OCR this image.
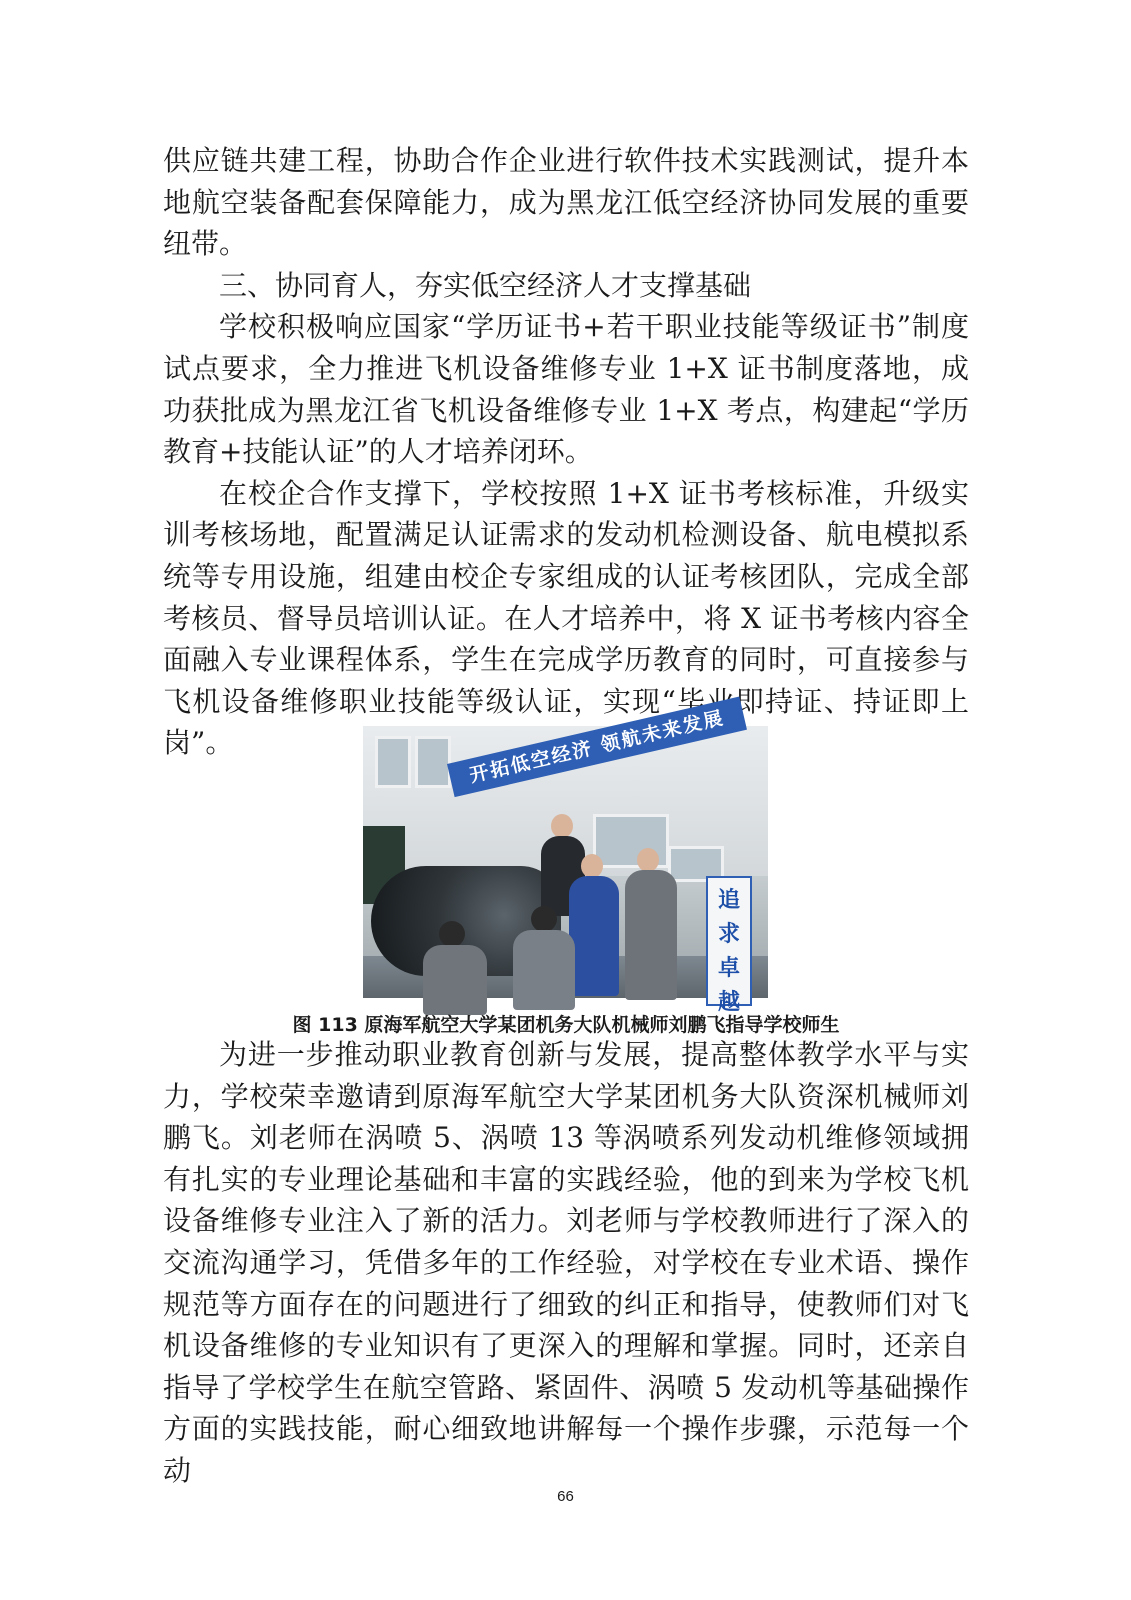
供应链共建工程，协助合作企业进行软件技术实践测试，提升本地航空装备配套保障能力，成为黑龙江低空经济协同发展的重要纽带。

三、协同育人，夯实低空经济人才支撑基础

学校积极响应国家“学历证书+若干职业技能等级证书”制度试点要求，全力推进飞机设备维修专业 1+X 证书制度落地，成功获批成为黑龙江省飞机设备维修专业 1+X 考点，构建起“学历教育+技能认证”的人才培养闭环。

在校企合作支撑下，学校按照 1+X 证书考核标准，升级实训考核场地，配置满足认证需求的发动机检测设备、航电模拟系统等专用设施，组建由校企专家组成的认证考核团队，完成全部考核员、督导员培训认证。在人才培养中，将 X 证书考核内容全面融入专业课程体系，学生在完成学历教育的同时，可直接参与飞机设备维修职业技能等级认证，实现“毕业即持证、持证即上岗”。	开拓低空经济 领航未来发展
追求卓越

图 113 原海军航空大学某团机务大队机械师刘鹏飞指导学校师生

为进一步推动职业教育创新与发展，提高整体教学水平与实力，学校荣幸邀请到原海军航空大学某团机务大队资深机械师刘鹏飞。刘老师在涡喷 5、涡喷 13 等涡喷系列发动机维修领域拥有扎实的专业理论基础和丰富的实践经验，他的到来为学校飞机设备维修专业注入了新的活力。刘老师与学校教师进行了深入的交流沟通学习，凭借多年的工作经验，对学校在专业术语、操作规范等方面存在的问题进行了细致的纠正和指导，使教师们对飞机设备维修的专业知识有了更深入的理解和掌握。同时，还亲自指导了学校学生在航空管路、紧固件、涡喷 5 发动机等基础操作方面的实践技能，耐心细致地讲解每一个操作步骤，示范每一个动

66
